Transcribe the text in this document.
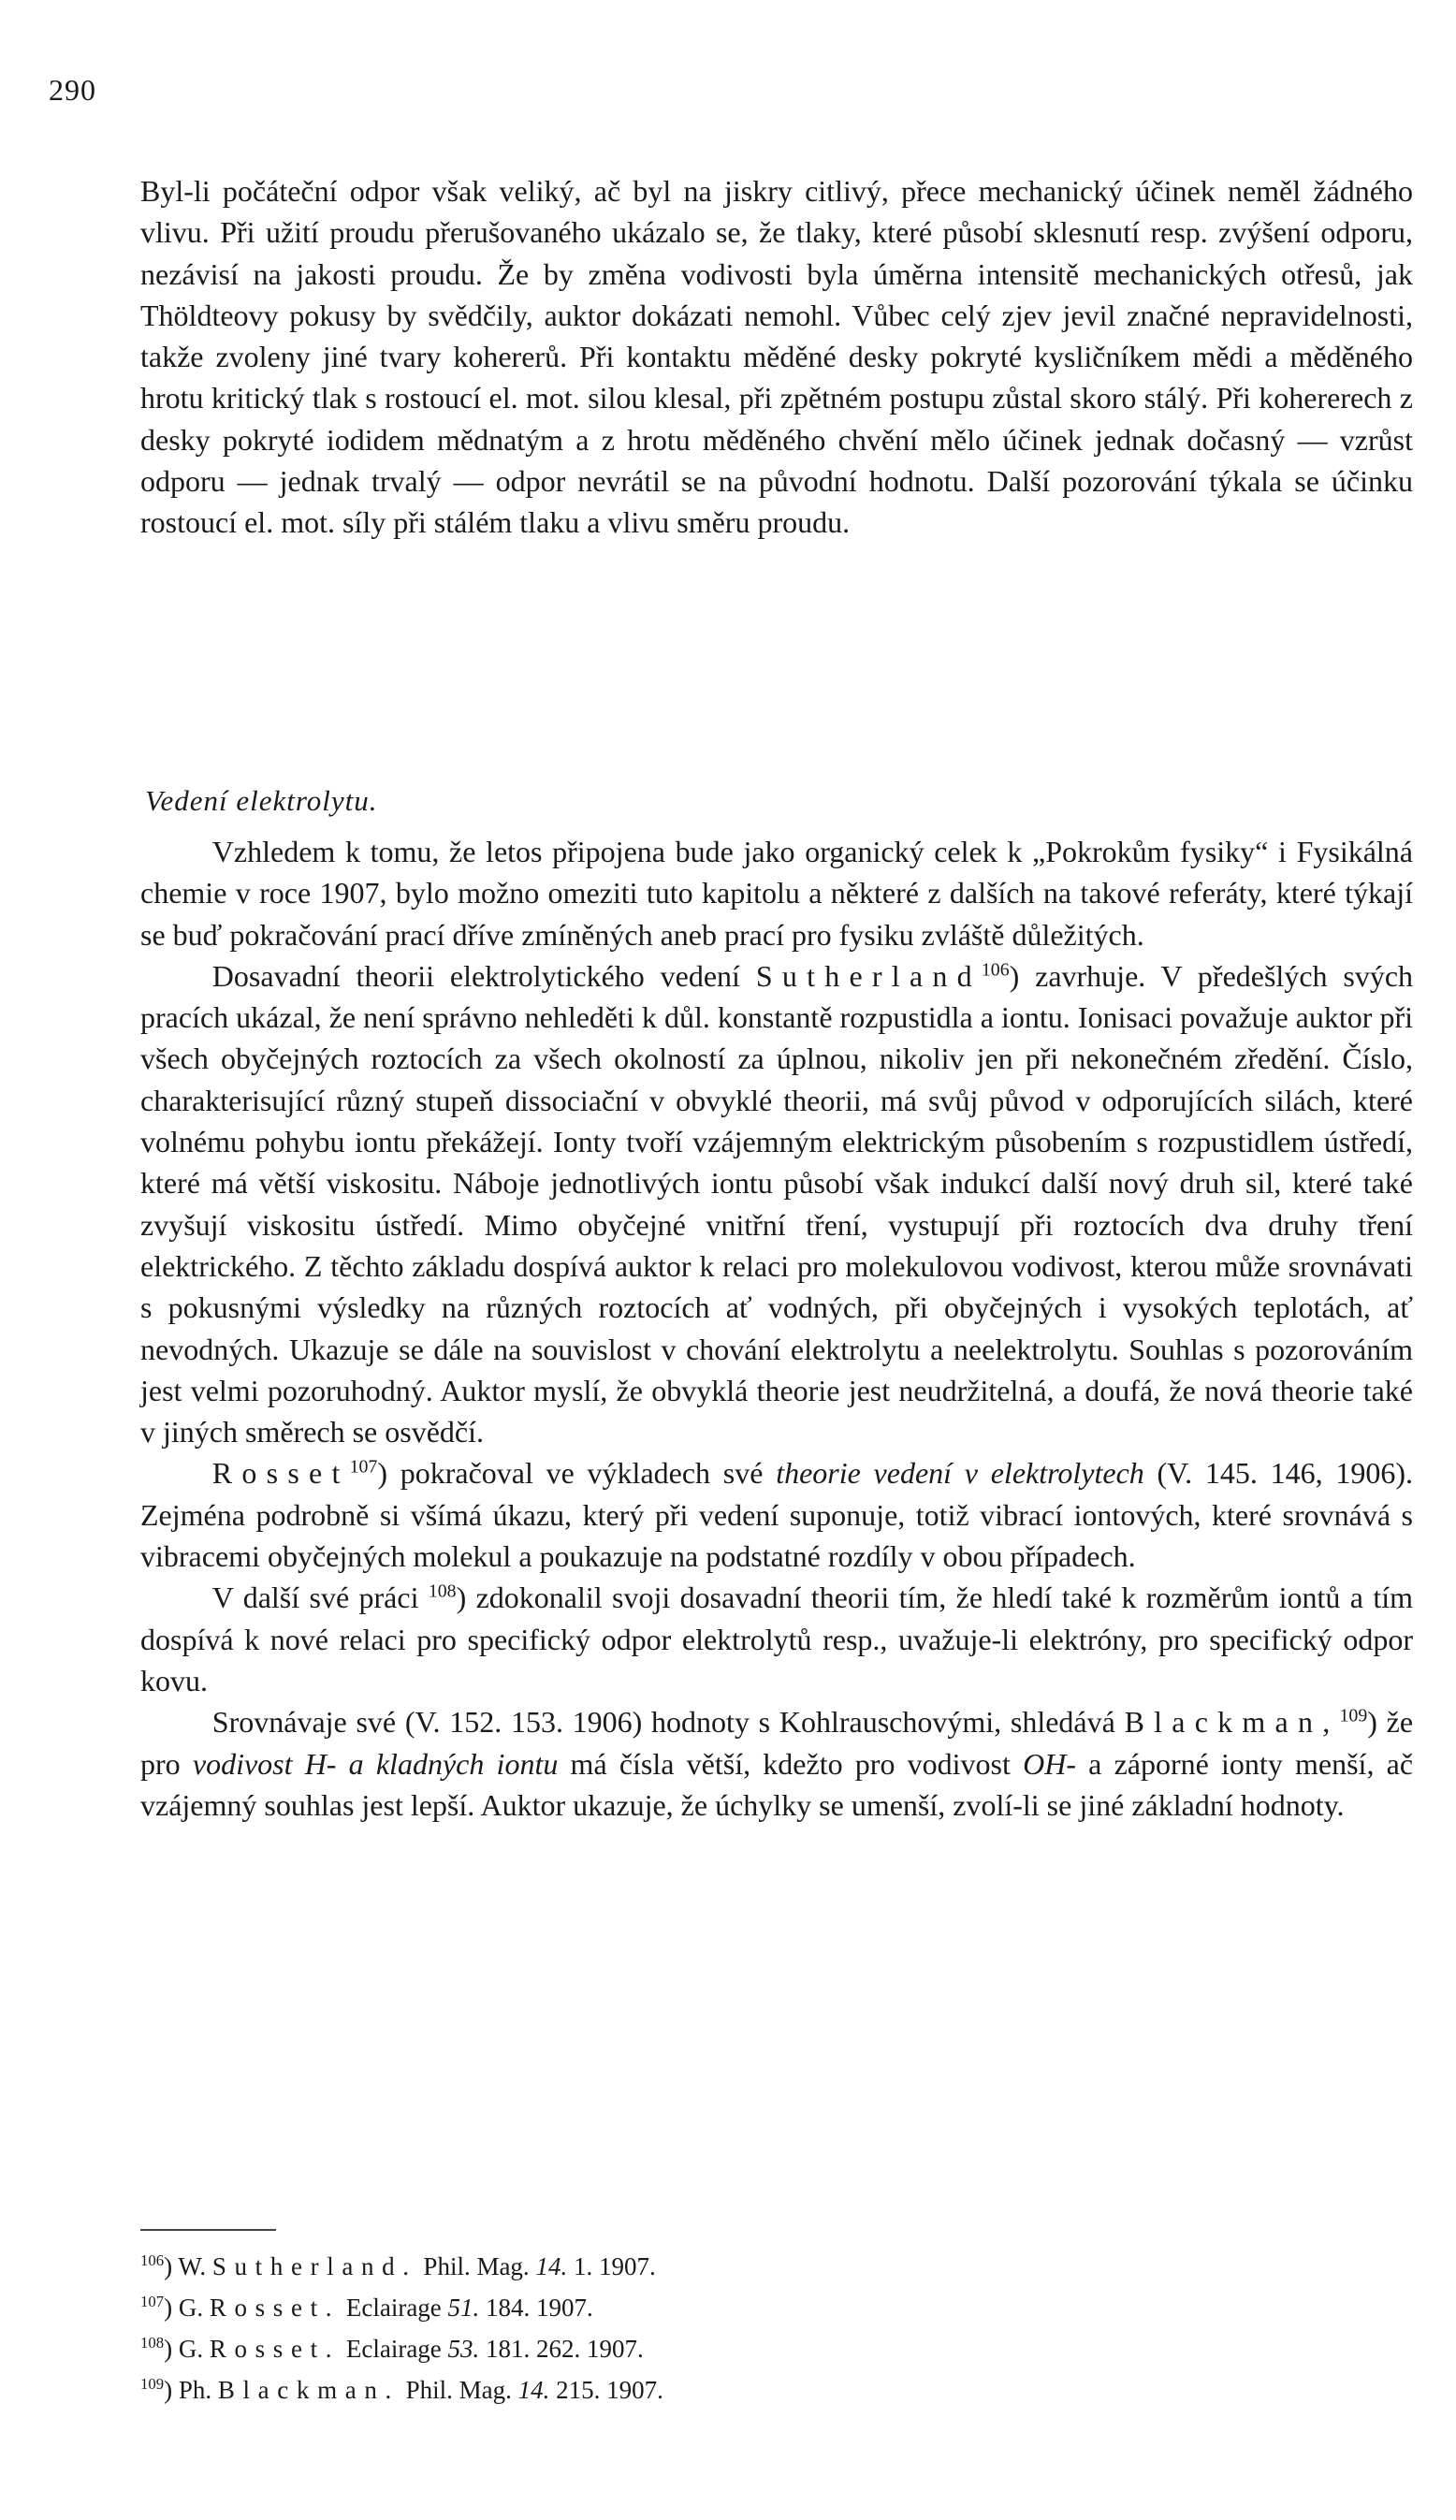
290

Byl-li počáteční odpor však veliký, ač byl na jiskry citlivý, přece mechanický účinek neměl žádného vlivu. Při užití proudu přerušovaného ukázalo se, že tlaky, které působí sklesnutí resp. zvýšení odporu, nezávisí na jakosti proudu. Že by změna vodivosti byla úměrna intensitě mechanických otřesů, jak Thöldteovy pokusy by svědčily, auktor dokázati nemohl. Vůbec celý zjev jevil značné nepravidelnosti, takže zvoleny jiné tvary kohererů. Při kontaktu měděné desky pokryté kysličníkem mědi a měděného hrotu kritický tlak s rostoucí el. mot. silou klesal, při zpětném postupu zůstal skoro stálý. Při kohererech z desky pokryté iodidem mědnatým a z hrotu měděného chvění mělo účinek jednak dočasný — vzrůst odporu — jednak trvalý — odpor nevrátil se na původní hodnotu. Další pozorování týkala se účinku rostoucí el. mot. síly při stálém tlaku a vlivu směru proudu.

Vedení elektrolytu.

Vzhledem k tomu, že letos připojena bude jako organický celek k „Pokrokům fysiky“ i Fysikálná chemie v roce 1907, bylo možno omeziti tuto kapitolu a některé z dalších na takové referáty, které týkají se buď pokračování prací dříve zmíněných aneb prací pro fysiku zvláště důležitých.

Dosavadní theorii elektrolytického vedení Sutherland$^{106}$) zavrhuje. V předešlých svých pracích ukázal, že není správno nehleděti k důl. konstantě rozpustidla a iontu. Ionisaci považuje auktor při všech obyčejných roztocích za všech okolností za úplnou, nikoliv jen při nekonečném zředění. Číslo, charakterisující různý stupeň dissociační v obvyklé theorii, má svůj původ v odporujících silách, které volnému pohybu iontu překážejí. Ionty tvoří vzájemným elektrickým působením s rozpustidlem ústředí, které má větší viskositu. Náboje jednotlivých iontu působí však indukcí další nový druh sil, které také zvyšují viskositu ústředí. Mimo obyčejné vnitřní tření, vystupují při roztocích dva druhy tření elektrického. Z těchto základu dospívá auktor k relaci pro molekulovou vodivost, kterou může srovnávati s pokusnými výsledky na různých roztocích ať vodných, při obyčejných i vysokých teplotách, ať nevodných. Ukazuje se dále na souvislost v chování elektrolytu a neelektrolytu. Souhlas s pozorováním jest velmi pozoruhodný. Auktor myslí, že obvyklá theorie jest neudržitelná, a doufá, že nová theorie také v jiných směrech se osvědčí.

Rosset$^{107}$) pokračoval ve výkladech své theorie vedení v elektrolytech (V. 145. 146, 1906). Zejména podrobně si všímá úkazu, který při vedení suponuje, totiž vibrací iontových, které srovnává s vibracemi obyčejných molekul a poukazuje na podstatné rozdíly v obou případech.

V další své práci $^{108}$) zdokonalil svoji dosavadní theorii tím, že hledí také k rozměrům iontů a tím dospívá k nové relaci pro specifický odpor elektrolytů resp., uvažuje-li elektróny, pro specifický odpor kovu.

Srovnávaje své (V. 152. 153. 1906) hodnoty s Kohlrauschovými, shledává Blackman,$^{109}$) že pro vodivost H- a kladných iontu má čísla větší, kdežto pro vodivost OH- a záporné ionty menší, ač vzájemný souhlas jest lepší. Auktor ukazuje, že úchylky se umenší, zvolí-li se jiné základní hodnoty.

$^{106}$) W. Sutherland. Phil. Mag. 14. 1. 1907.

$^{107}$) G. Rosset. Eclairage 51. 184. 1907.

$^{108}$) G. Rosset. Eclairage 53. 181. 262. 1907.

$^{109}$) Ph. Blackman. Phil. Mag. 14. 215. 1907.
